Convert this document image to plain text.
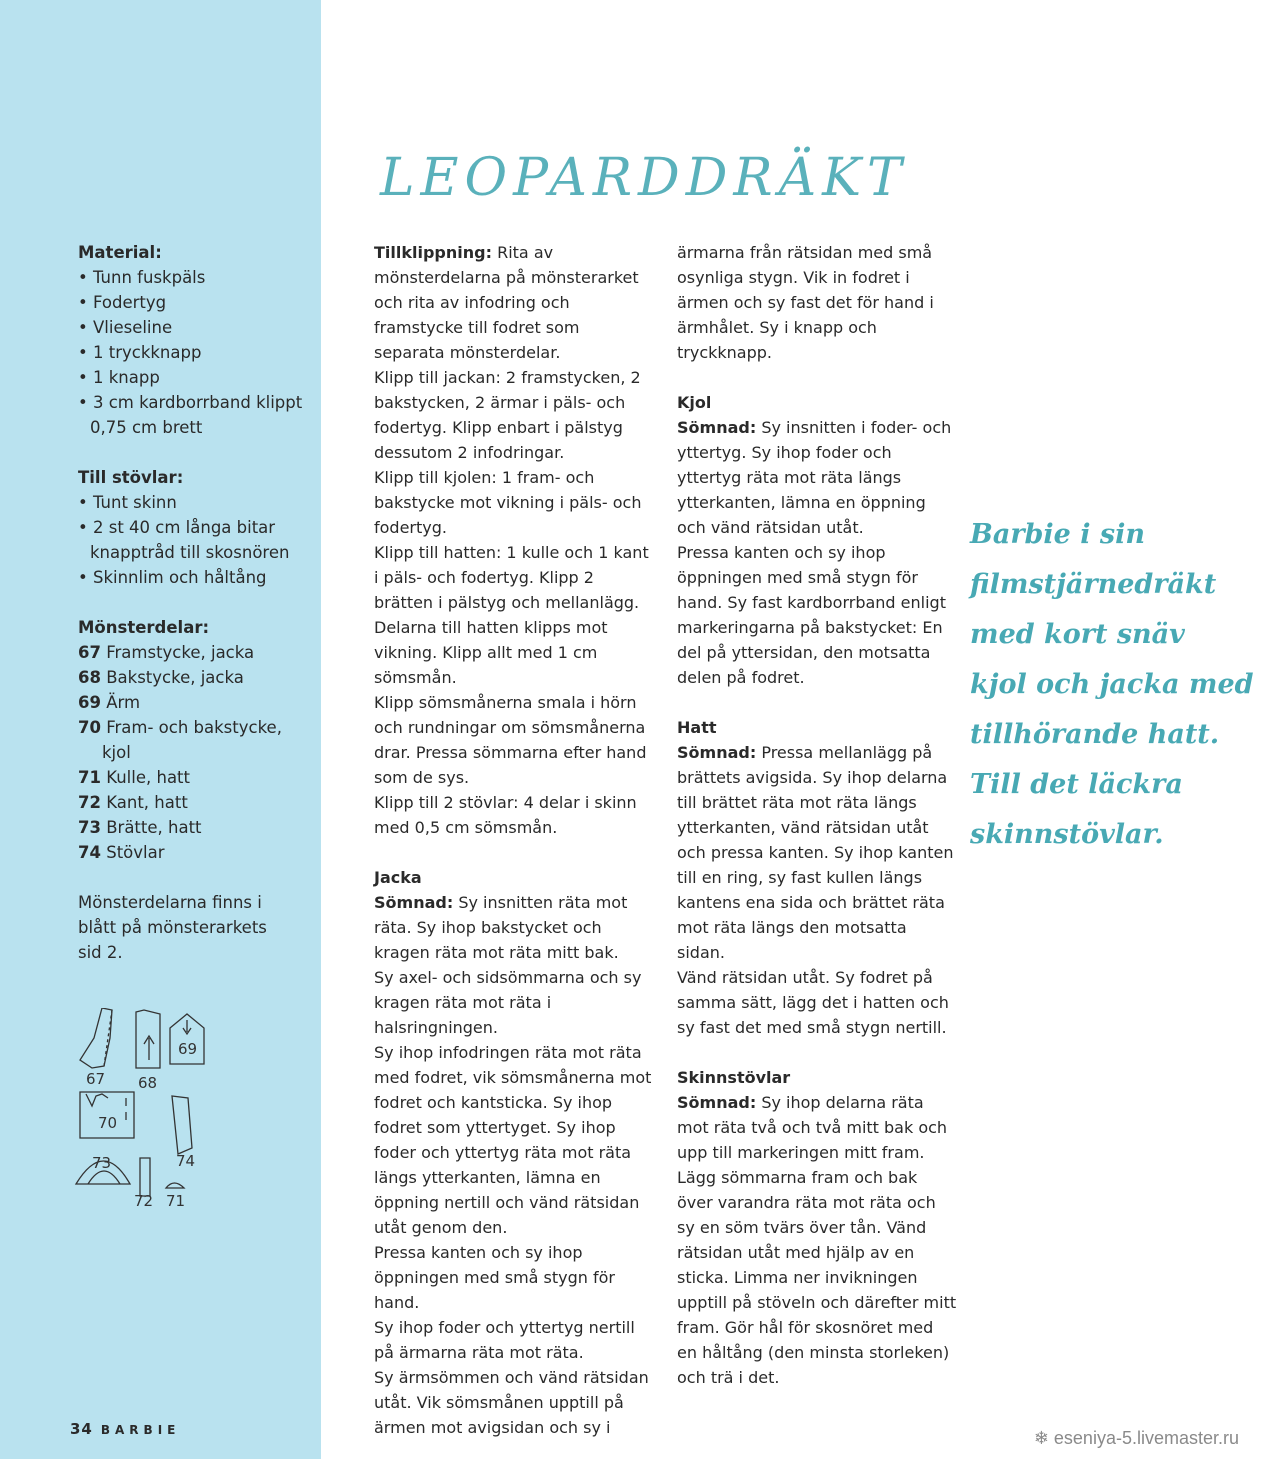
Material:
• Tunn fuskpäls
• Fodertyg
• Vlieseline
• 1 tryckknapp
• 1 knapp
• 3 cm kardborrband klippt 0,75 cm brett
Till stövlar:
• Tunt skinn
• 2 st 40 cm långa bitar knapptråd till skosnören
• Skinnlim och håltång
Mönsterdelar:
67 Framstycke, jacka
68 Bakstycke, jacka
69 Ärm
70 Fram- och bakstycke,
kjol
71 Kulle, hatt
72 Kant, hatt
73 Brätte, hatt
74 Stövlar
Mönsterdelarna finns i blått på mönsterarkets sid 2.
67 68
69
70
74
73
72 71
34 BARBIE
LEOPARDDRÄKT

Tillklippning: Rita av mönsterdelarna på mönsterarket och rita av infodring och framstycke till fodret som separata mönsterdelar.

Klipp till jackan: 2 framstycken, 2 bakstycken, 2 ärmar i päls- och fodertyg. Klipp enbart i pälstyg dessutom 2 infodringar.

Klipp till kjolen: 1 fram- och bakstycke mot vikning i päls- och fodertyg.

Klipp till hatten: 1 kulle och 1 kant i päls- och fodertyg. Klipp 2 brätten i pälstyg och mellanlägg. Delarna till hatten klipps mot vikning. Klipp allt med 1 cm sömsmån.

Klipp sömsmånerna smala i hörn och rundningar om sömsmånerna drar. Pressa sömmarna efter hand som de sys.

Klipp till 2 stövlar: 4 delar i skinn med 0,5 cm sömsmån.

Jacka

Sömnad: Sy insnitten räta mot räta. Sy ihop bakstycket och kragen räta mot räta mitt bak.

Sy axel- och sidsömmarna och sy kragen räta mot räta i halsringningen.

Sy ihop infodringen räta mot räta med fodret, vik sömsmånerna mot fodret och kantsticka. Sy ihop fodret som yttertyget. Sy ihop foder och yttertyg räta mot räta längs ytterkanten, lämna en öppning nertill och vänd rätsidan utåt genom den.

Pressa kanten och sy ihop öppningen med små stygn för hand.

Sy ihop foder och yttertyg nertill på ärmarna räta mot räta.

Sy ärmsömmen och vänd rätsidan utåt. Vik sömsmånen upptill på ärmen mot avigsidan och sy i

ärmarna från rätsidan med små osynliga stygn. Vik in fodret i ärmen och sy fast det för hand i ärmhålet. Sy i knapp och tryckknapp.

Kjol

Sömnad: Sy insnitten i foder- och yttertyg. Sy ihop foder och yttertyg räta mot räta längs ytterkanten, lämna en öppning och vänd rätsidan utåt.

Pressa kanten och sy ihop öppningen med små stygn för hand. Sy fast kardborrband enligt markeringarna på bakstycket: En del på yttersidan, den motsatta delen på fodret.

Hatt

Sömnad: Pressa mellanlägg på brättets avigsida. Sy ihop delarna till brättet räta mot räta längs ytterkanten, vänd rätsidan utåt och pressa kanten. Sy ihop kanten till en ring, sy fast kullen längs kantens ena sida och brättet räta mot räta längs den motsatta sidan.

Vänd rätsidan utåt. Sy fodret på samma sätt, lägg det i hatten och sy fast det med små stygn nertill.

Skinnstövlar

Sömnad: Sy ihop delarna räta mot räta två och två mitt bak och upp till markeringen mitt fram. Lägg sömmarna fram och bak över varandra räta mot räta och sy en söm tvärs över tån. Vänd rätsidan utåt med hjälp av en sticka. Limma ner invikningen upptill på stöveln och därefter mitt fram. Gör hål för skosnöret med en håltång (den minsta storleken) och trä i det.

Barbie i sin
filmstjärnedräkt
med kort snäv
kjol och jacka med
tillhörande hatt.
Till det läckra
skinnstövlar.
❄ eseniya-5.livemaster.ru
